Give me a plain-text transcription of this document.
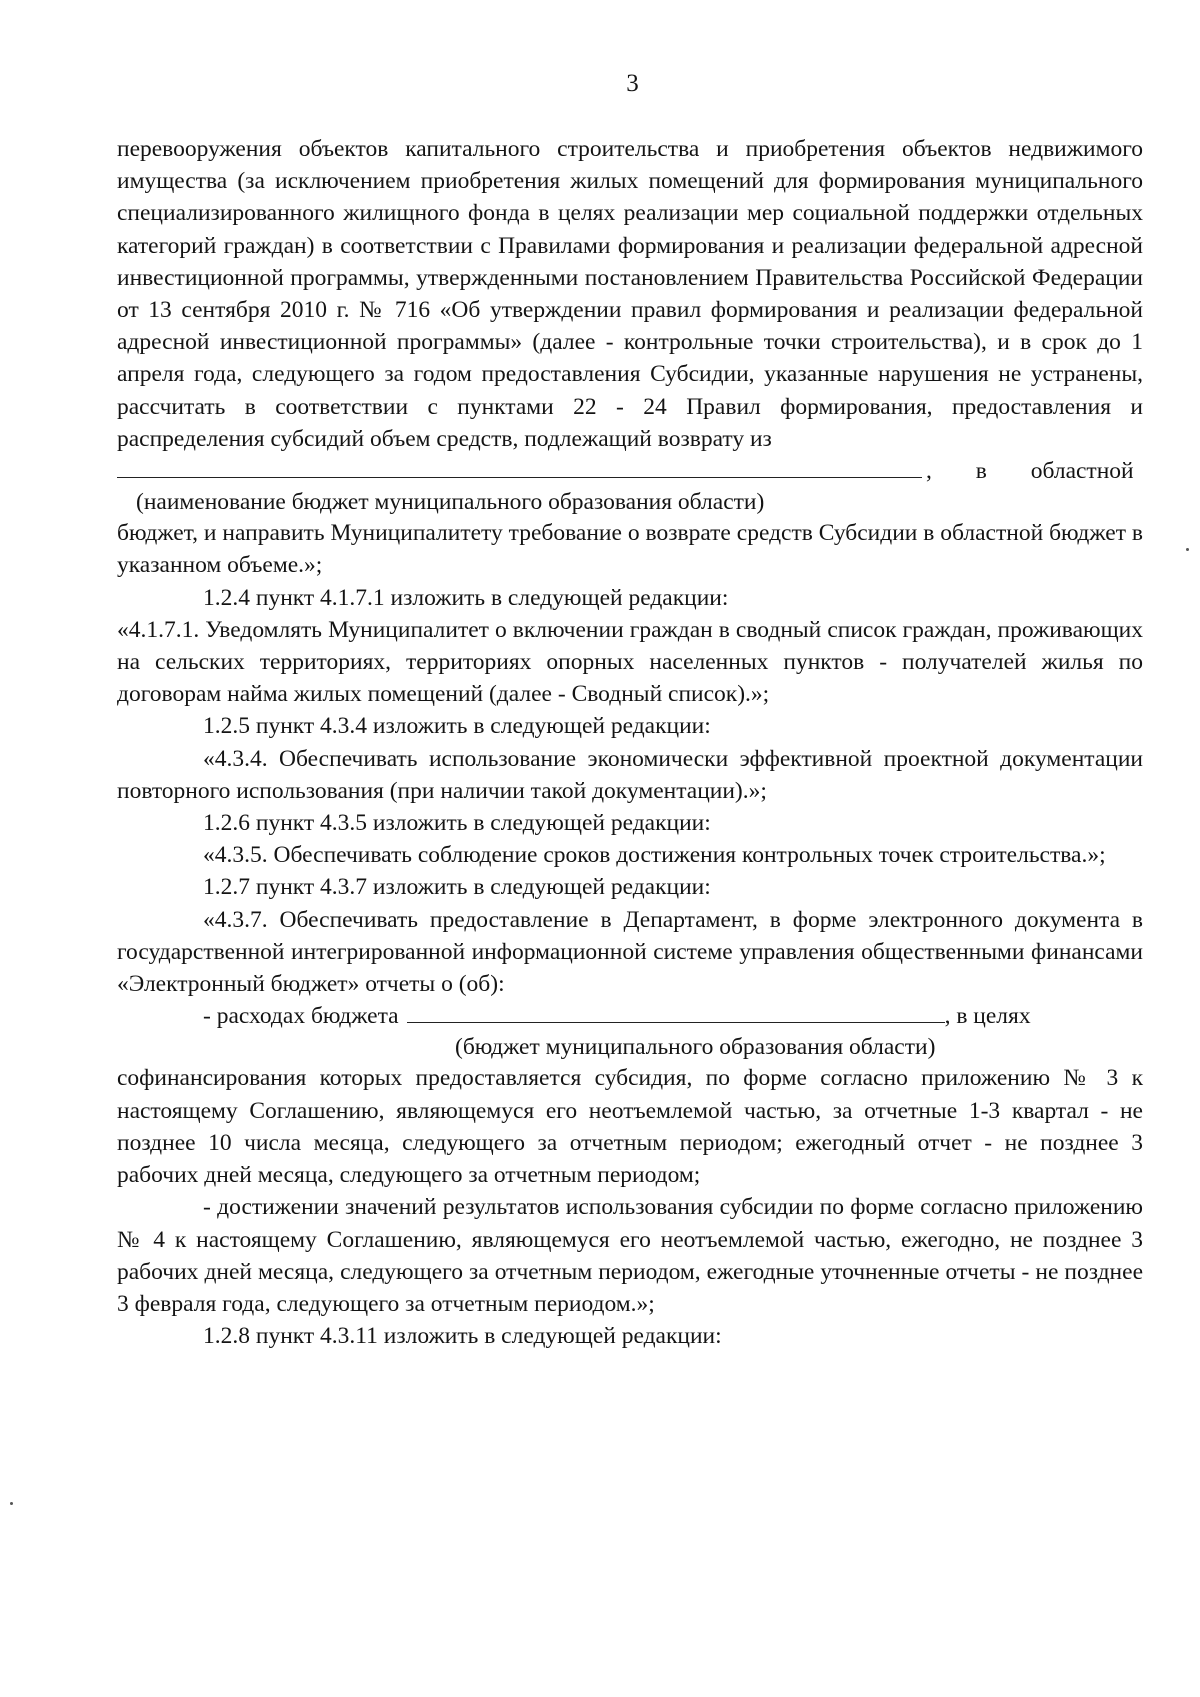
3

перевооружения объектов капитального строительства и приобретения объектов недвижимого имущества (за исключением приобретения жилых помещений для формирования муниципального специализированного жилищного фонда в целях реализации мер социальной поддержки отдельных категорий граждан) в соответствии с Правилами формирования и реализации федеральной адресной инвестиционной программы, утвержденными постановлением Правительства Российской Федерации от 13 сентября 2010 г. № 716 «Об утверждении правил формирования и реализации федеральной адресной инвестиционной программы» (далее - контрольные точки строительства), и в срок до 1 апреля года, следующего за годом предоставления Субсидии, указанные нарушения не устранены, рассчитать в соответствии с пунктами 22 - 24 Правил формирования, предоставления и распределения субсидий объем средств, подлежащий возврату из

, в областной
(наименование бюджет муниципального образования области)

бюджет, и направить Муниципалитету требование о возврате средств Субсидии в областной бюджет в указанном объеме.»;

1.2.4 пункт 4.1.7.1 изложить в следующей редакции:

«4.1.7.1. Уведомлять Муниципалитет о включении граждан в сводный список граждан, проживающих на сельских территориях, территориях опорных населенных пунктов - получателей жилья по договорам найма жилых помещений (далее - Сводный список).»;

1.2.5 пункт 4.3.4 изложить в следующей редакции:

«4.3.4. Обеспечивать использование экономически эффективной проектной документации повторного использования (при наличии такой документации).»;

1.2.6 пункт 4.3.5 изложить в следующей редакции:

«4.3.5. Обеспечивать соблюдение сроков достижения контрольных точек строительства.»;

1.2.7 пункт 4.3.7 изложить в следующей редакции:

«4.3.7. Обеспечивать предоставление в Департамент, в форме электронного документа в государственной интегрированной информационной системе управления общественными финансами «Электронный бюджет» отчеты о (об):

- расходах бюджета	, в целях
(бюджет муниципального образования области)

софинансирования которых предоставляется субсидия, по форме согласно приложению № 3 к настоящему Соглашению, являющемуся его неотъемлемой частью, за отчетные 1-3 квартал - не позднее 10 числа месяца, следующего за отчетным периодом; ежегодный отчет - не позднее 3 рабочих дней месяца, следующего за отчетным периодом;

- достижении значений результатов использования субсидии по форме согласно приложению № 4 к настоящему Соглашению, являющемуся его неотъемлемой частью, ежегодно, не позднее 3 рабочих дней месяца, следующего за отчетным периодом, ежегодные уточненные отчеты - не позднее 3 февраля года, следующего за отчетным периодом.»;

1.2.8 пункт 4.3.11 изложить в следующей редакции:
